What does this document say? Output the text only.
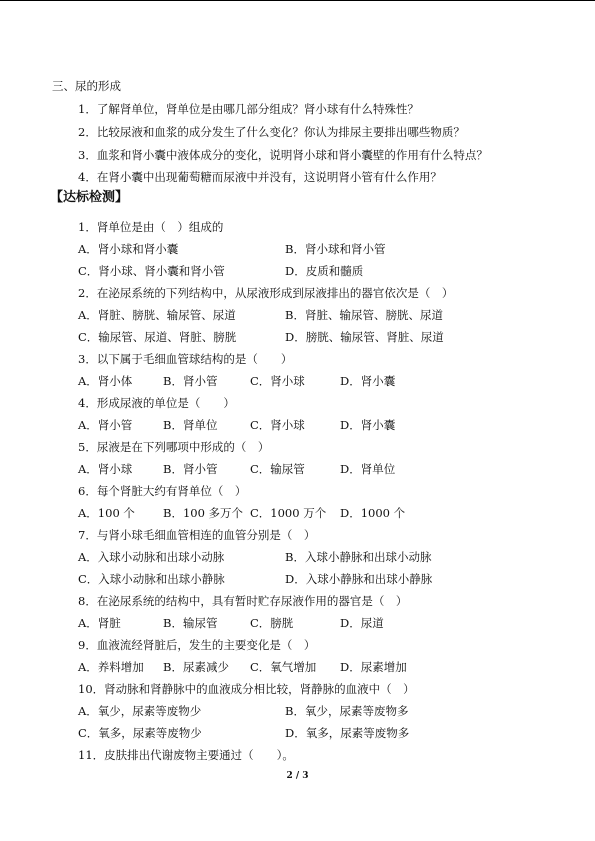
三、尿的形成
1．了解肾单位，肾单位是由哪几部分组成？肾小球有什么特殊性？
2．比较尿液和血浆的成分发生了什么变化？你认为排尿主要排出哪些物质？
3．血浆和肾小囊中液体成分的变化，说明肾小球和肾小囊壁的作用有什么特点？
4．在肾小囊中出现葡萄糖而尿液中并没有，这说明肾小管有什么作用？
【达标检测】
1．肾单位是由（　）组成的
A．肾小球和肾小囊	B．肾小球和肾小管
C．肾小球、肾小囊和肾小管	D．皮质和髓质
2．在泌尿系统的下列结构中，从尿液形成到尿液排出的器官依次是（　）
A．肾脏、膀胱、输尿管、尿道	B．肾脏、输尿管、膀胱、尿道
C．输尿管、尿道、肾脏、膀胱	D．膀胱、输尿管、肾脏、尿道
3．以下属于毛细血管球结构的是（　　）
A．肾小体	B．肾小管	C．肾小球	D．肾小囊
4．形成尿液的单位是（　　）
A．肾小管	B．肾单位	C．肾小球	D．肾小囊
5．尿液是在下列哪项中形成的（　）
A．肾小球	B．肾小管	C．输尿管	D．肾单位
6．每个肾脏大约有肾单位（　）
A．100 个 B．100 多万个 C．1000 万个 D．1000 个
7．与肾小球毛细血管相连的血管分别是（　）
A．入球小动脉和出球小动脉	B．入球小静脉和出球小动脉
C．入球小动脉和出球小静脉	D．入球小静脉和出球小静脉
8．在泌尿系统的结构中，具有暂时贮存尿液作用的器官是（　）
A．肾脏	B．输尿管	C．膀胱	D．尿道
9．血液流经肾脏后，发生的主要变化是（　）
A．养料增加 B．尿素减少 C．氧气增加 D．尿素增加
10．肾动脉和肾静脉中的血液成分相比较，肾静脉的血液中（　）
A．氧少，尿素等废物少	B．氧少，尿素等废物多
C．氧多，尿素等废物少	D．氧多，尿素等废物多
11．皮肤排出代谢废物主要通过（　　）。
2 / 3
